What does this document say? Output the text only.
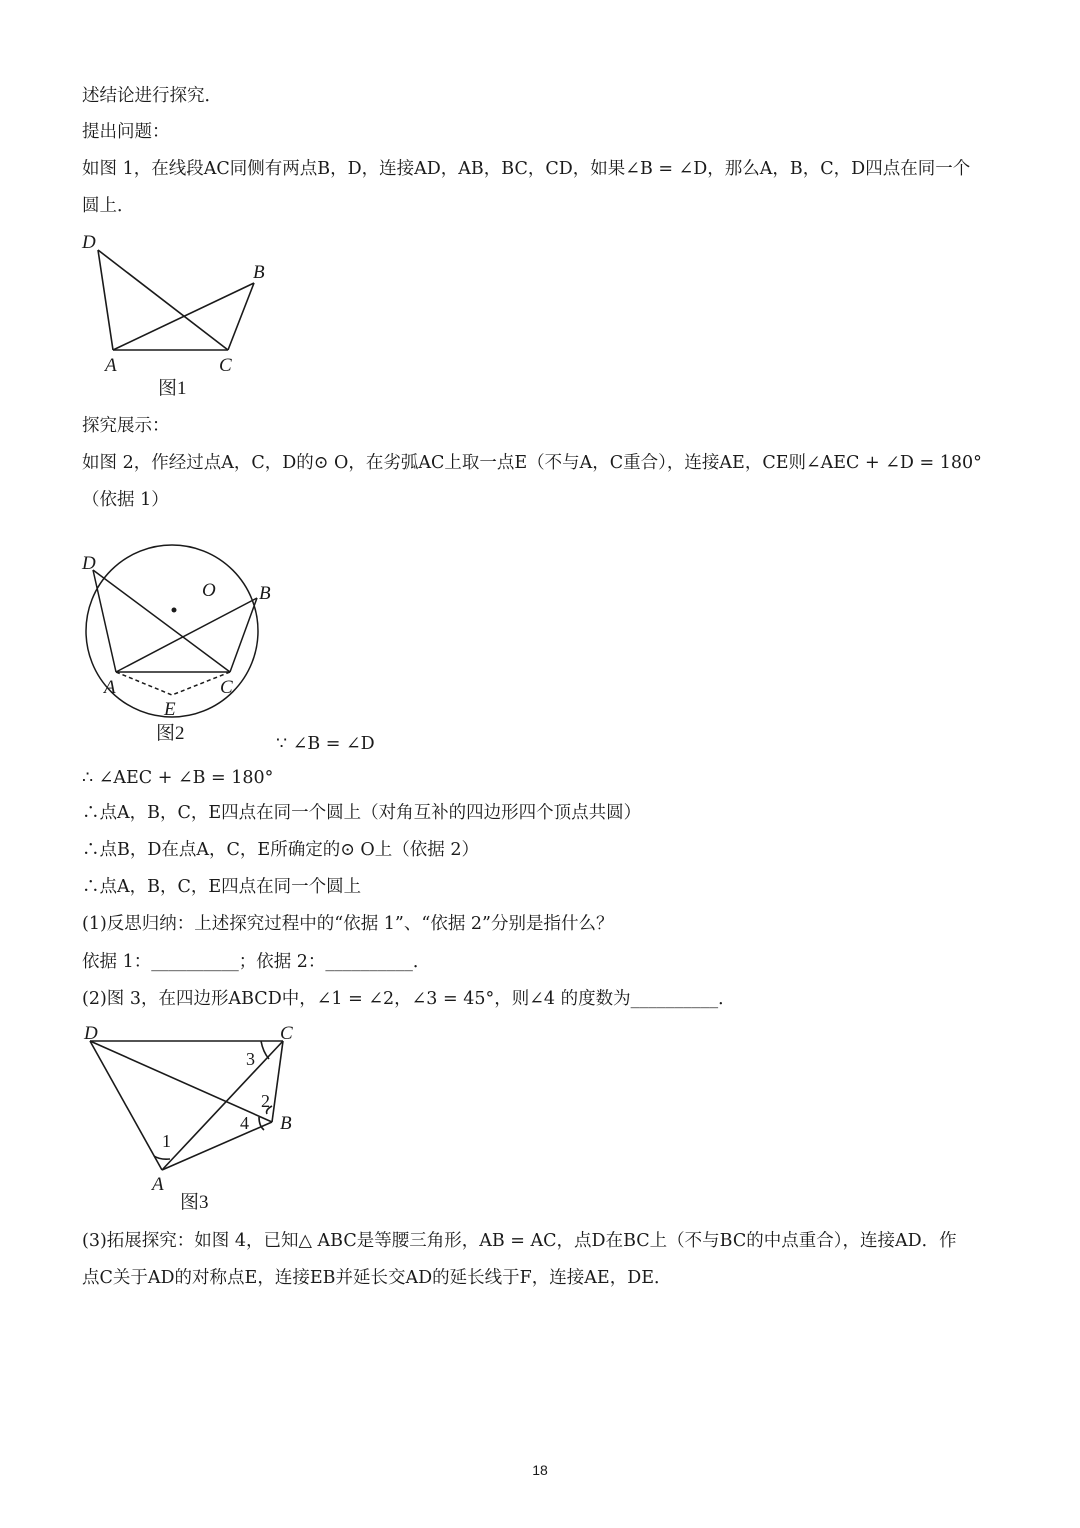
述结论进行探究．
提出问题：
如图 1，在线段AC同侧有两点B，D，连接AD，AB，BC，CD，如果∠B = ∠D，那么A，B，C，D四点在同一个
圆上．
D
B
A	C
图1
探究展示：
如图 2，作经过点A，C，D的⊙ O，在劣弧AC上取一点E（不与A，C重合），连接AE，CE则∠AEC + ∠D = 180°
（依据 1）
D
O B
A	C
E
图2	∵ ∠B = ∠D
∴ ∠AEC + ∠B = 180°
∴点A，B，C，E四点在同一个圆上（对角互补的四边形四个顶点共圆）
∴点B，D在点A，C，E所确定的⊙ O上（依据 2）
∴点A，B，C，E四点在同一个圆上
(1)反思归纳：上述探究过程中的“依据 1”、“依据 2”分别是指什么？
依据 1：__________；依据 2：__________．
(2)图 3，在四边形ABCD中，∠1 = ∠2，∠3 = 45°，则∠4 的度数为__________．
D	C
B
A
1
2
3
4
图3
(3)拓展探究：如图 4，已知△ ABC是等腰三角形，AB = AC，点D在BC上（不与BC的中点重合），连接AD．作
点C关于AD的对称点E，连接EB并延长交AD的延长线于F，连接AE，DE．
18
